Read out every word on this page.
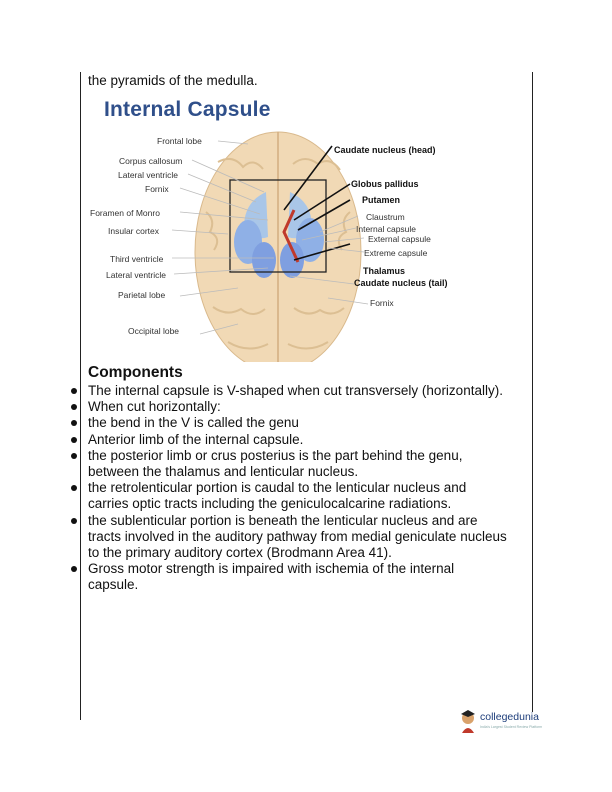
the pyramids of the medulla.
Internal Capsule
Frontal lobe
Corpus callosum
Lateral ventricle
Fornix
Foramen of Monro
Insular cortex
Third ventricle
Lateral ventricle
Parietal lobe
Occipital lobe
Caudate nucleus (head)
Globus pallidus
Putamen
Claustrum
Internal capsule
External capsule
Extreme capsule
Thalamus
Caudate nucleus (tail)
Fornix
Components
The internal capsule is V-shaped when cut transversely (horizontally).
When cut horizontally:
the bend in the V is called the genu
Anterior limb of the internal capsule.
the posterior limb or crus posterius is the part behind the genu, between the thalamus and lenticular nucleus.
the retrolenticular portion is caudal to the lenticular nucleus and carries optic tracts including the geniculocalcarine radiations.
the sublenticular portion is beneath the lenticular nucleus and are tracts involved in the auditory pathway from medial geniculate nucleus to the primary auditory cortex (Brodmann Area 41).
Gross motor strength is impaired with ischemia of the internal capsule.
collegedunia
India's Largest Student Review Platform
